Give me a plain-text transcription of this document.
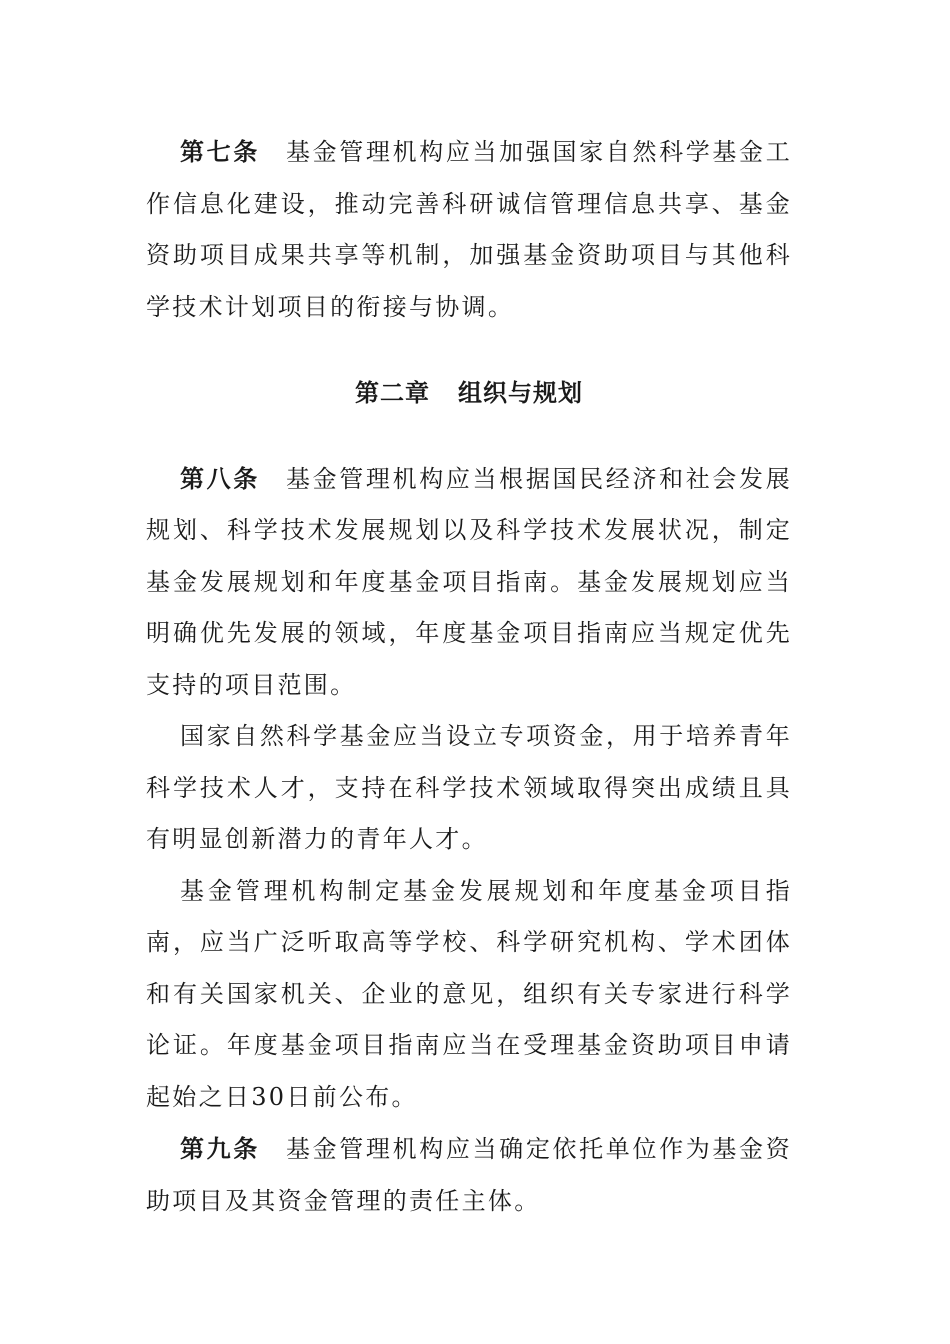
第七条 基金管理机构应当加强国家自然科学基金工作信息化建设，推动完善科研诚信管理信息共享、基金资助项目成果共享等机制，加强基金资助项目与其他科学技术计划项目的衔接与协调。

第二章 组织与规划

第八条 基金管理机构应当根据国民经济和社会发展规划、科学技术发展规划以及科学技术发展状况，制定基金发展规划和年度基金项目指南。基金发展规划应当明确优先发展的领域，年度基金项目指南应当规定优先支持的项目范围。

国家自然科学基金应当设立专项资金，用于培养青年科学技术人才，支持在科学技术领域取得突出成绩且具有明显创新潜力的青年人才。

基金管理机构制定基金发展规划和年度基金项目指南，应当广泛听取高等学校、科学研究机构、学术团体和有关国家机关、企业的意见，组织有关专家进行科学论证。年度基金项目指南应当在受理基金资助项目申请起始之日30日前公布。

第九条 基金管理机构应当确定依托单位作为基金资助项目及其资金管理的责任主体。
